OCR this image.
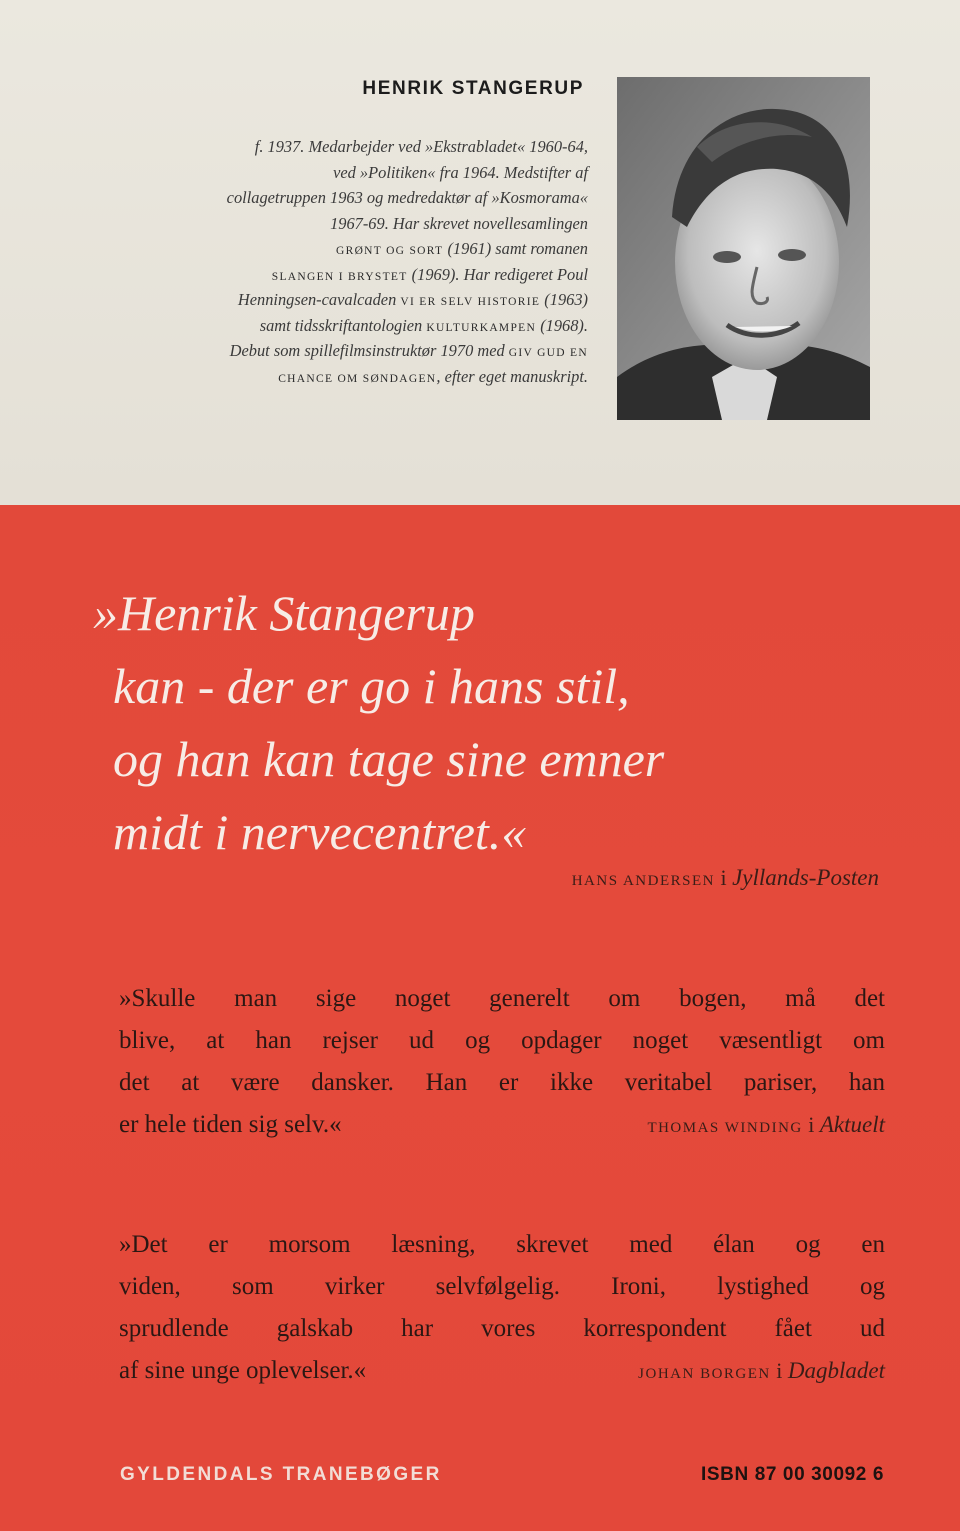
HENRIK STANGERUP
f. 1937. Medarbejder ved »Ekstrabladet« 1960-64,
ved »Politiken« fra 1964. Medstifter af
collagetruppen 1963 og medredaktør af »Kosmorama«
1967-69. Har skrevet novellesamlingen
GRØNT OG SORT (1961) samt romanen
SLANGEN I BRYSTET (1969). Har redigeret Poul
Henningsen-cavalcaden VI ER SELV HISTORIE (1963)
samt tidsskriftantologien KULTURKAMPEN (1968).
Debut som spillefilmsinstruktør 1970 med GIV GUD EN
CHANCE OM SØNDAGEN, efter eget manuskript.
»Henrik Stangerup
kan - der er go i hans stil,
og han kan tage sine emner
midt i nervecentret.«
HANS ANDERSEN i Jyllands-Posten
»Skulle man sige noget generelt om bogen, må det
blive, at han rejser ud og opdager noget væsentligt om
det at være dansker. Han er ikke veritabel pariser, han
er hele tiden sig selv.«	THOMAS WINDING i Aktuelt
»Det er morsom læsning, skrevet med élan og en
viden, som virker selvfølgelig. Ironi, lystighed og
sprudlende galskab har vores korrespondent fået ud
af sine unge oplevelser.«	JOHAN BORGEN i Dagbladet
GYLDENDALS TRANEBØGER	ISBN 87 00 30092 6
